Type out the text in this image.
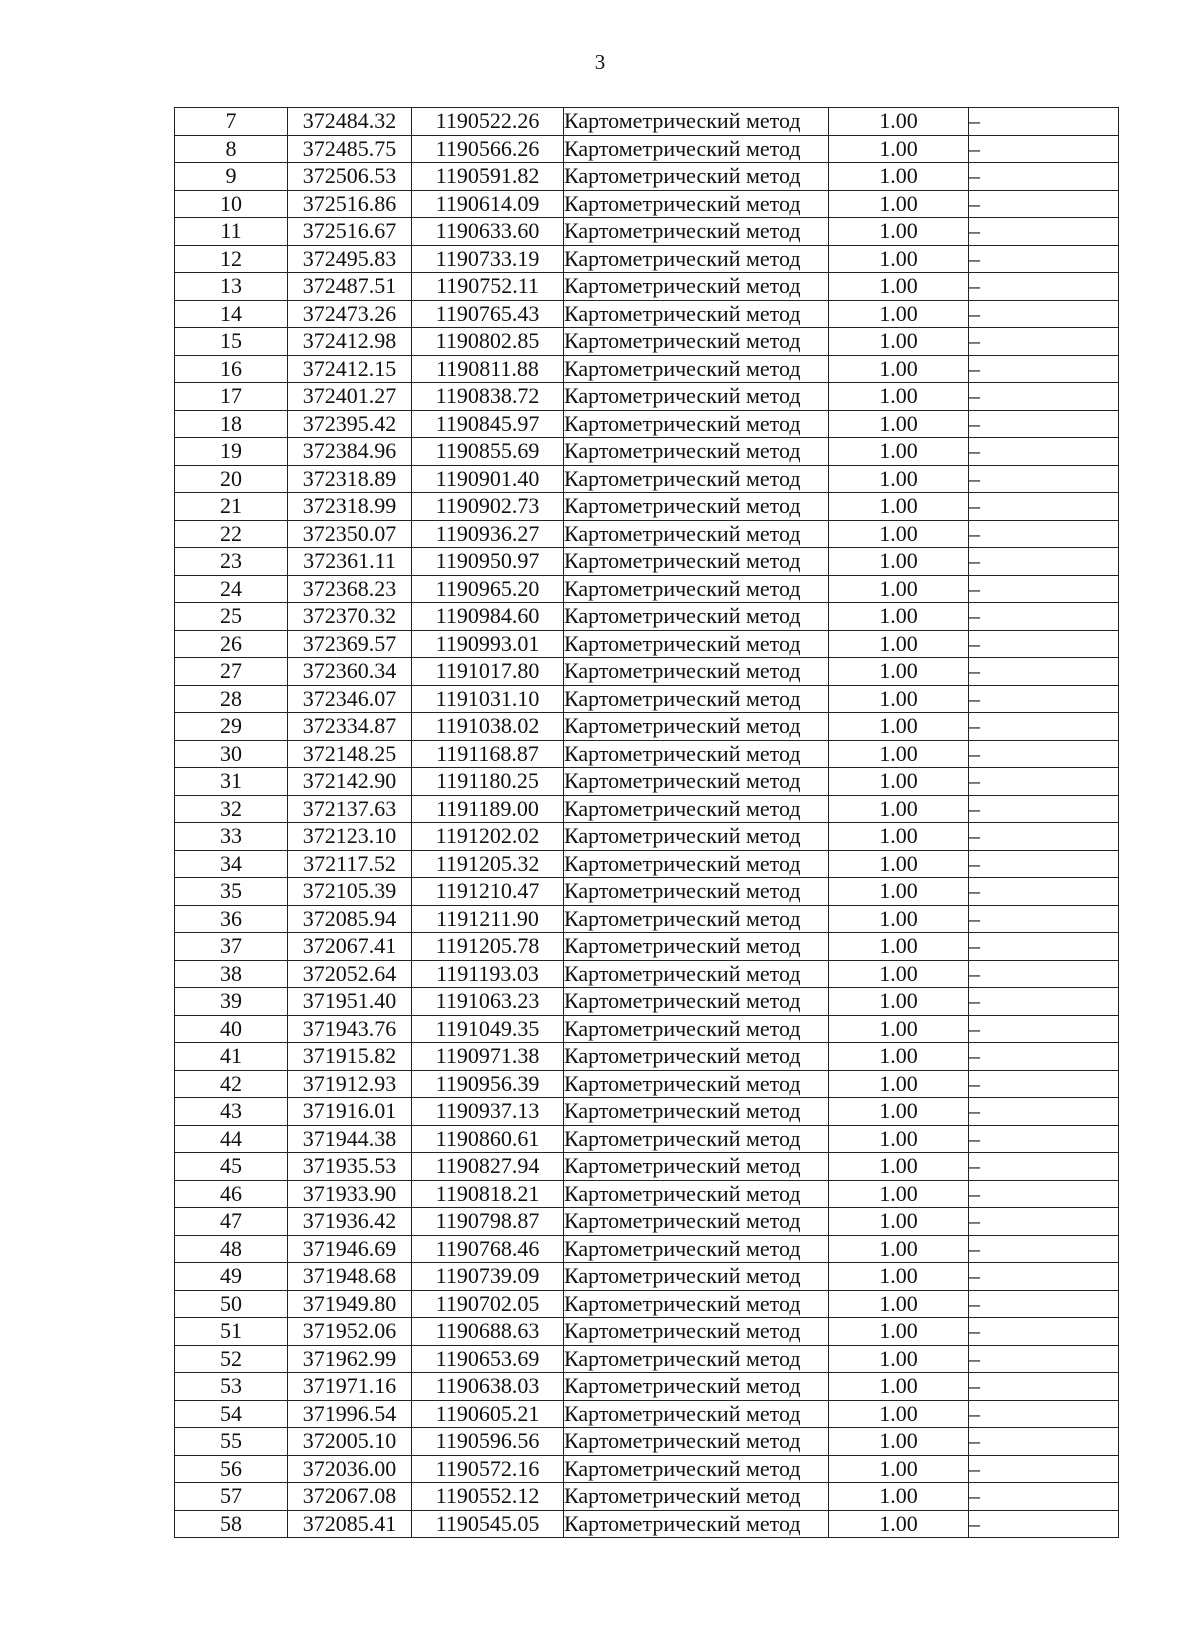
3
7	372484.32	1190522.26	Картометрический метод	1.00	–
8	372485.75	1190566.26	Картометрический метод	1.00	–
9	372506.53	1190591.82	Картометрический метод	1.00	–
10	372516.86	1190614.09	Картометрический метод	1.00	–
11	372516.67	1190633.60	Картометрический метод	1.00	–
12	372495.83	1190733.19	Картометрический метод	1.00	–
13	372487.51	1190752.11	Картометрический метод	1.00	–
14	372473.26	1190765.43	Картометрический метод	1.00	–
15	372412.98	1190802.85	Картометрический метод	1.00	–
16	372412.15	1190811.88	Картометрический метод	1.00	–
17	372401.27	1190838.72	Картометрический метод	1.00	–
18	372395.42	1190845.97	Картометрический метод	1.00	–
19	372384.96	1190855.69	Картометрический метод	1.00	–
20	372318.89	1190901.40	Картометрический метод	1.00	–
21	372318.99	1190902.73	Картометрический метод	1.00	–
22	372350.07	1190936.27	Картометрический метод	1.00	–
23	372361.11	1190950.97	Картометрический метод	1.00	–
24	372368.23	1190965.20	Картометрический метод	1.00	–
25	372370.32	1190984.60	Картометрический метод	1.00	–
26	372369.57	1190993.01	Картометрический метод	1.00	–
27	372360.34	1191017.80	Картометрический метод	1.00	–
28	372346.07	1191031.10	Картометрический метод	1.00	–
29	372334.87	1191038.02	Картометрический метод	1.00	–
30	372148.25	1191168.87	Картометрический метод	1.00	–
31	372142.90	1191180.25	Картометрический метод	1.00	–
32	372137.63	1191189.00	Картометрический метод	1.00	–
33	372123.10	1191202.02	Картометрический метод	1.00	–
34	372117.52	1191205.32	Картометрический метод	1.00	–
35	372105.39	1191210.47	Картометрический метод	1.00	–
36	372085.94	1191211.90	Картометрический метод	1.00	–
37	372067.41	1191205.78	Картометрический метод	1.00	–
38	372052.64	1191193.03	Картометрический метод	1.00	–
39	371951.40	1191063.23	Картометрический метод	1.00	–
40	371943.76	1191049.35	Картометрический метод	1.00	–
41	371915.82	1190971.38	Картометрический метод	1.00	–
42	371912.93	1190956.39	Картометрический метод	1.00	–
43	371916.01	1190937.13	Картометрический метод	1.00	–
44	371944.38	1190860.61	Картометрический метод	1.00	–
45	371935.53	1190827.94	Картометрический метод	1.00	–
46	371933.90	1190818.21	Картометрический метод	1.00	–
47	371936.42	1190798.87	Картометрический метод	1.00	–
48	371946.69	1190768.46	Картометрический метод	1.00	–
49	371948.68	1190739.09	Картометрический метод	1.00	–
50	371949.80	1190702.05	Картометрический метод	1.00	–
51	371952.06	1190688.63	Картометрический метод	1.00	–
52	371962.99	1190653.69	Картометрический метод	1.00	–
53	371971.16	1190638.03	Картометрический метод	1.00	–
54	371996.54	1190605.21	Картометрический метод	1.00	–
55	372005.10	1190596.56	Картометрический метод	1.00	–
56	372036.00	1190572.16	Картометрический метод	1.00	–
57	372067.08	1190552.12	Картометрический метод	1.00	–
58	372085.41	1190545.05	Картометрический метод	1.00	–
